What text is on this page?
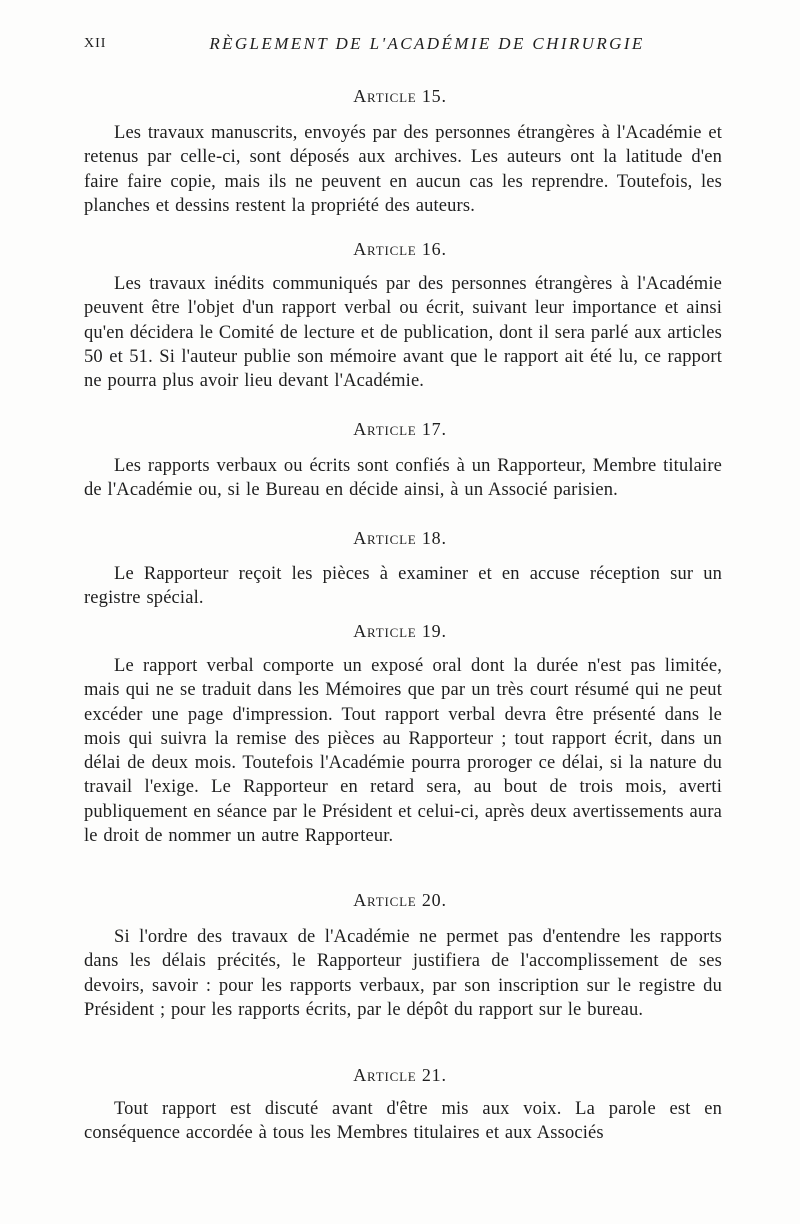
XII	RÈGLEMENT DE L'ACADÉMIE DE CHIRURGIE
Article 15.

Les travaux manuscrits, envoyés par des personnes étrangères à l'Académie et retenus par celle-ci, sont déposés aux archives. Les auteurs ont la latitude d'en faire faire copie, mais ils ne peuvent en aucun cas les reprendre. Toutefois, les planches et dessins restent la propriété des auteurs.

Article 16.

Les travaux inédits communiqués par des personnes étrangères à l'Académie peuvent être l'objet d'un rapport verbal ou écrit, suivant leur importance et ainsi qu'en décidera le Comité de lecture et de publication, dont il sera parlé aux articles 50 et 51. Si l'auteur publie son mémoire avant que le rapport ait été lu, ce rapport ne pourra plus avoir lieu devant l'Académie.

Article 17.

Les rapports verbaux ou écrits sont confiés à un Rapporteur, Membre titulaire de l'Académie ou, si le Bureau en décide ainsi, à un Associé parisien.

Article 18.

Le Rapporteur reçoit les pièces à examiner et en accuse réception sur un registre spécial.

Article 19.

Le rapport verbal comporte un exposé oral dont la durée n'est pas limitée, mais qui ne se traduit dans les Mémoires que par un très court résumé qui ne peut excéder une page d'impression. Tout rapport verbal devra être présenté dans le mois qui suivra la remise des pièces au Rapporteur ; tout rapport écrit, dans un délai de deux mois. Toutefois l'Académie pourra proroger ce délai, si la nature du travail l'exige. Le Rapporteur en retard sera, au bout de trois mois, averti publiquement en séance par le Président et celui-ci, après deux avertissements aura le droit de nommer un autre Rapporteur.

Article 20.

Si l'ordre des travaux de l'Académie ne permet pas d'entendre les rapports dans les délais précités, le Rapporteur justifiera de l'accomplissement de ses devoirs, savoir : pour les rapports verbaux, par son inscription sur le registre du Président ; pour les rapports écrits, par le dépôt du rapport sur le bureau.

Article 21.

Tout rapport est discuté avant d'être mis aux voix. La parole est en conséquence accordée à tous les Membres titulaires et aux Associés
